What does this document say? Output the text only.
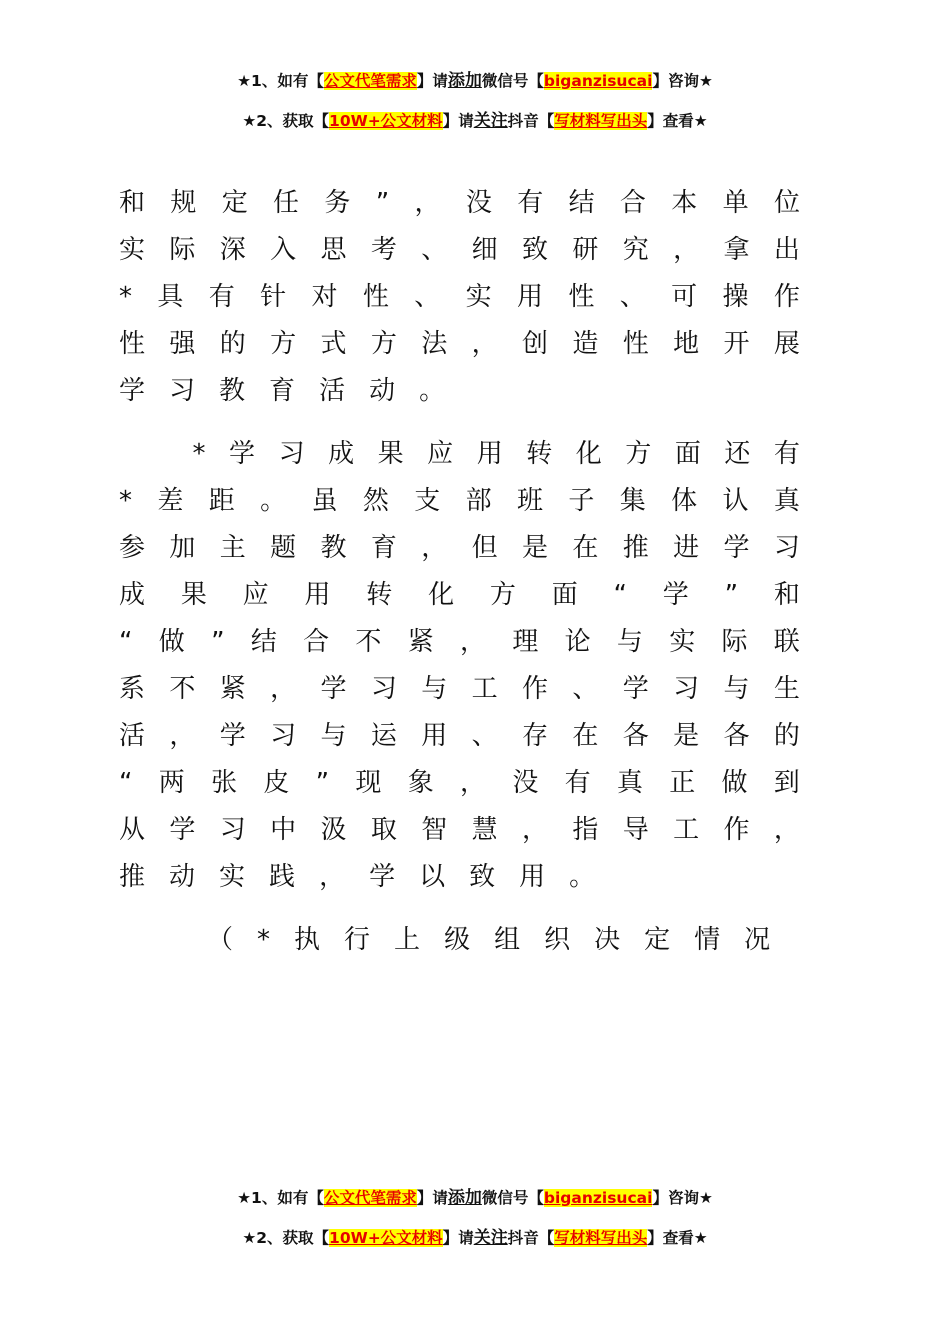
★1、如有【公文代笔需求】请添加微信号【biganzisucai】咨询★
★2、获取【10W+公文材料】请关注抖音【写材料写出头】查看★
和 规 定 任 务 ” ， 没 有 结 合 本 单 位
实 际 深 入 思 考 、 细 致 研 究 ， 拿 出
* 具 有 针 对 性 、 实 用 性 、 可 操 作
性 强 的 方 式 方 法 ， 创 造 性 地 开 展
学 习 教 育 活 动 。
* 学 习 成 果 应 用 转 化 方 面 还 有
* 差 距 。 虽 然 支 部 班 子 集 体 认 真
参 加 主 题 教 育 ， 但 是 在 推 进 学 习
成 果 应 用 转 化 方 面 “ 学 ” 和
“ 做 ” 结 合 不 紧 ， 理 论 与 实 际 联
系 不 紧 ， 学 习 与 工 作 、 学 习 与 生
活 ， 学 习 与 运 用 、 存 在 各 是 各 的
“ 两 张 皮 ” 现 象 ， 没 有 真 正 做 到
从 学 习 中 汲 取 智 慧 ， 指 导 工 作 ，
推 动 实 践 ， 学 以 致 用 。
（ * 执 行 上 级 组 织 决 定 情 况
★1、如有【公文代笔需求】请添加微信号【biganzisucai】咨询★
★2、获取【10W+公文材料】请关注抖音【写材料写出头】查看★
